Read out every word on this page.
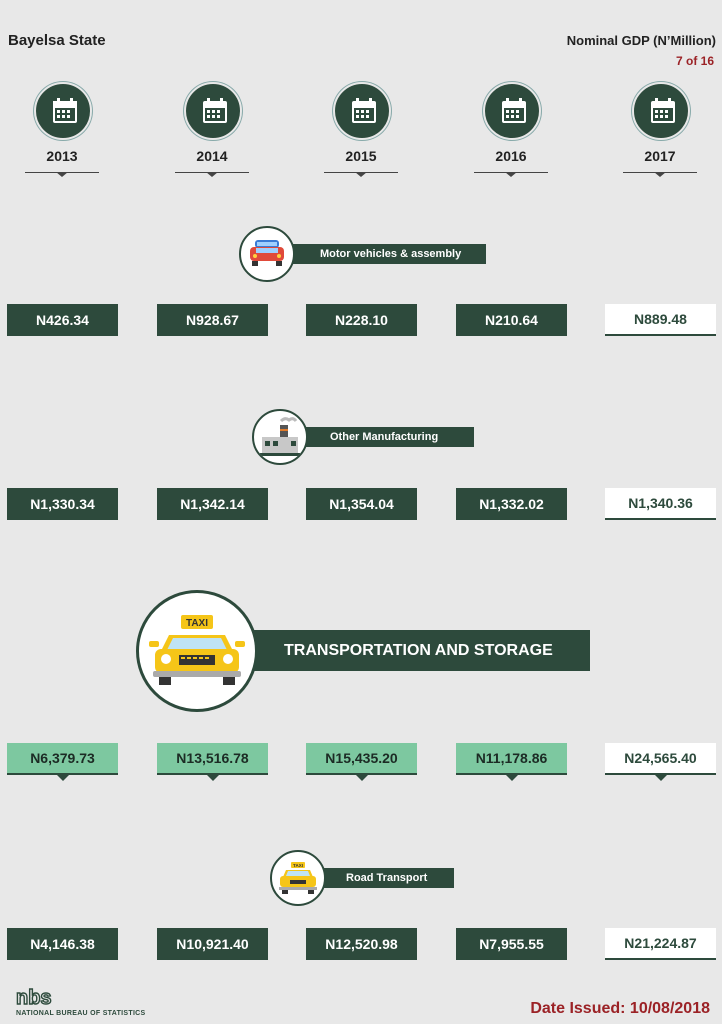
Bayelsa State	Nominal GDP (N’Million)
7 of 16
2013	2014	2015	2016	2017
Motor vehicles & assembly
N426.34	N928.67	N228.10	N210.64	N889.48
Other Manufacturing
N1,330.34	N1,342.14	N1,354.04	N1,332.02	N1,340.36
TRANSPORTATION AND STORAGE
TAXI
N6,379.73	N13,516.78	N15,435.20	N11,178.86	N24,565.40
Road Transport
TAXI
N4,146.38	N10,921.40	N12,520.98	N7,955.55	N21,224.87
nbs
NATIONAL BUREAU OF STATISTICS	Date Issued: 10/08/2018
